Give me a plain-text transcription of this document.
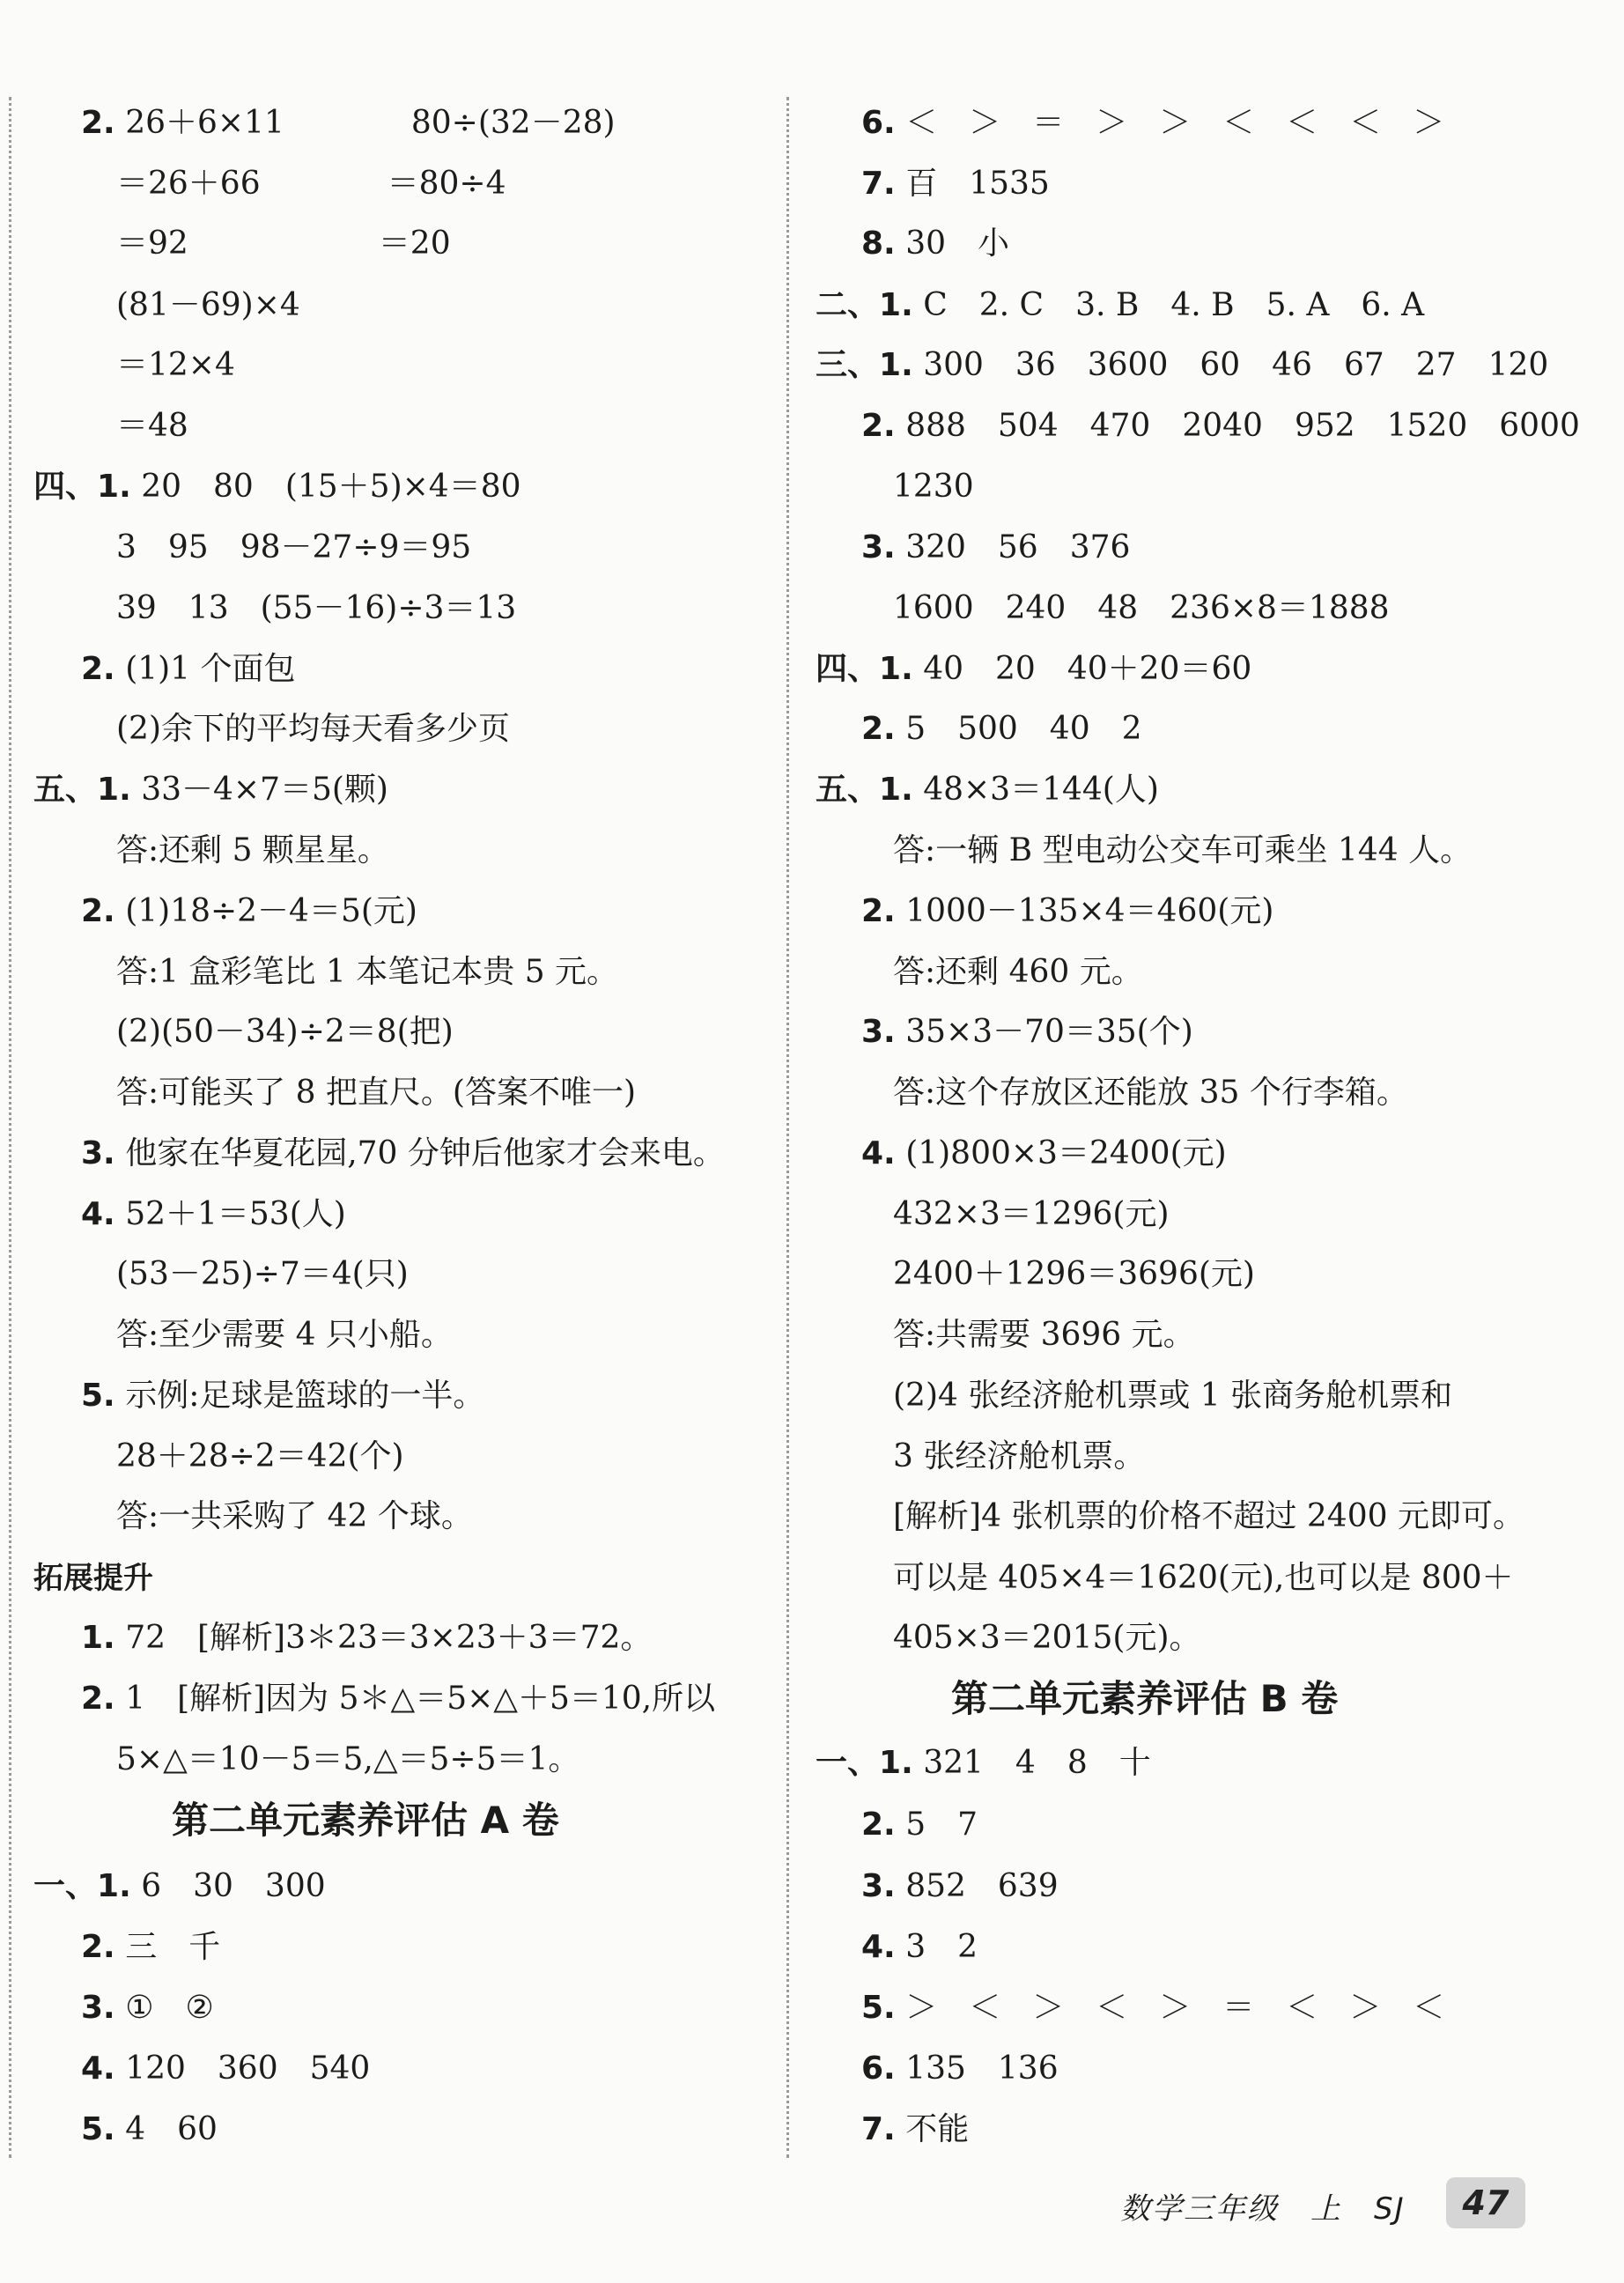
2. 26＋6×11　　　　80÷(32－28)
＝26＋66　　　　＝80÷4
＝92　　　　　　＝20
(81－69)×4
＝12×4
＝48
四、1. 20　80　(15＋5)×4＝80
3　95　98－27÷9＝95
39　13　(55－16)÷3＝13
2. (1)1 个面包
(2)余下的平均每天看多少页
五、1. 33－4×7＝5(颗)
答:还剩 5 颗星星。
2. (1)18÷2－4＝5(元)
答:1 盒彩笔比 1 本笔记本贵 5 元。
(2)(50－34)÷2＝8(把)
答:可能买了 8 把直尺。(答案不唯一)
3. 他家在华夏花园,70 分钟后他家才会来电。
4. 52＋1＝53(人)
(53－25)÷7＝4(只)
答:至少需要 4 只小船。
5. 示例:足球是篮球的一半。
28＋28÷2＝42(个)
答:一共采购了 42 个球。
拓展提升
1. 72　[解析]3＊23＝3×23＋3＝72。
2. 1　[解析]因为 5＊△＝5×△＋5＝10,所以
5×△＝10－5＝5,△＝5÷5＝1。
第二单元素养评估 A 卷
一、1. 6　30　300
2. 三　千
3. ①　②
4. 120　360　540
5. 4　60
6. ＜　＞　＝　＞　＞　＜　＜　＜　＞
7. 百　1535
8. 30　小
二、1. C　2. C　3. B　4. B　5. A　6. A
三、1. 300　36　3600　60　46　67　27　120
2. 888　504　470　2040　952　1520　6000
1230
3. 320　56　376
1600　240　48　236×8＝1888
四、1. 40　20　40＋20＝60
2. 5　500　40　2
五、1. 48×3＝144(人)
答:一辆 B 型电动公交车可乘坐 144 人。
2. 1000－135×4＝460(元)
答:还剩 460 元。
3. 35×3－70＝35(个)
答:这个存放区还能放 35 个行李箱。
4. (1)800×3＝2400(元)
432×3＝1296(元)
2400＋1296＝3696(元)
答:共需要 3696 元。
(2)4 张经济舱机票或 1 张商务舱机票和
3 张经济舱机票。
[解析]4 张机票的价格不超过 2400 元即可。
可以是 405×4＝1620(元),也可以是 800＋
405×3＝2015(元)。
第二单元素养评估 B 卷
一、1. 321　4　8　十
2. 5　7
3. 852　639
4. 3　2
5. ＞　＜　＞　＜　＞　＝　＜　＞　＜
6. 135　136
7. 不能
数学三年级　上　SJ	47
